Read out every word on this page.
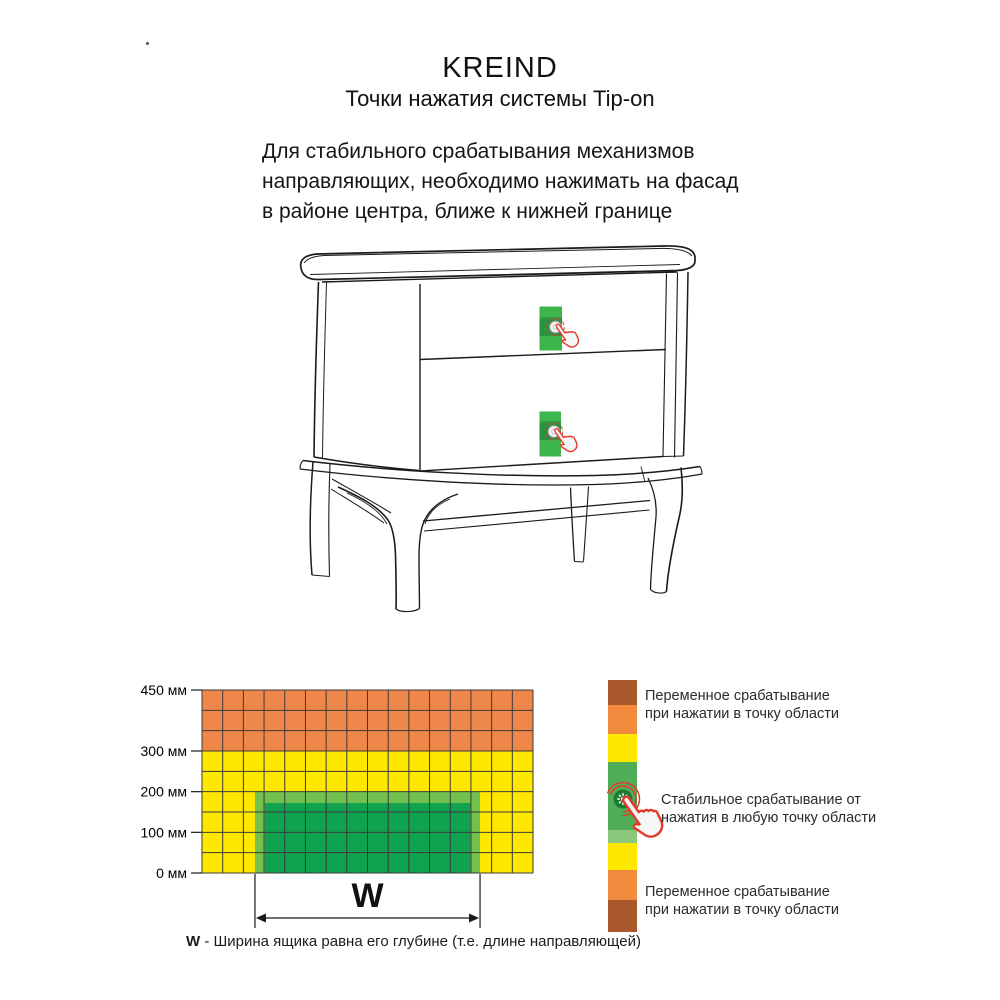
KREIND
Точки нажатия системы Tip-on
Для стабильного срабатывания механизмов
направляющих, необходимо нажимать на фасад
в районе центра, ближе к нижней границе
450 мм
300 мм
200 мм
100 мм
0 мм
W
W - Ширина ящика равна его глубине (т.е. длине направляющей)
Переменное срабатывание
при нажатии в точку области
Стабильное срабатывание от
нажатия в любую точку области
Переменное срабатывание
при нажатии в точку области
